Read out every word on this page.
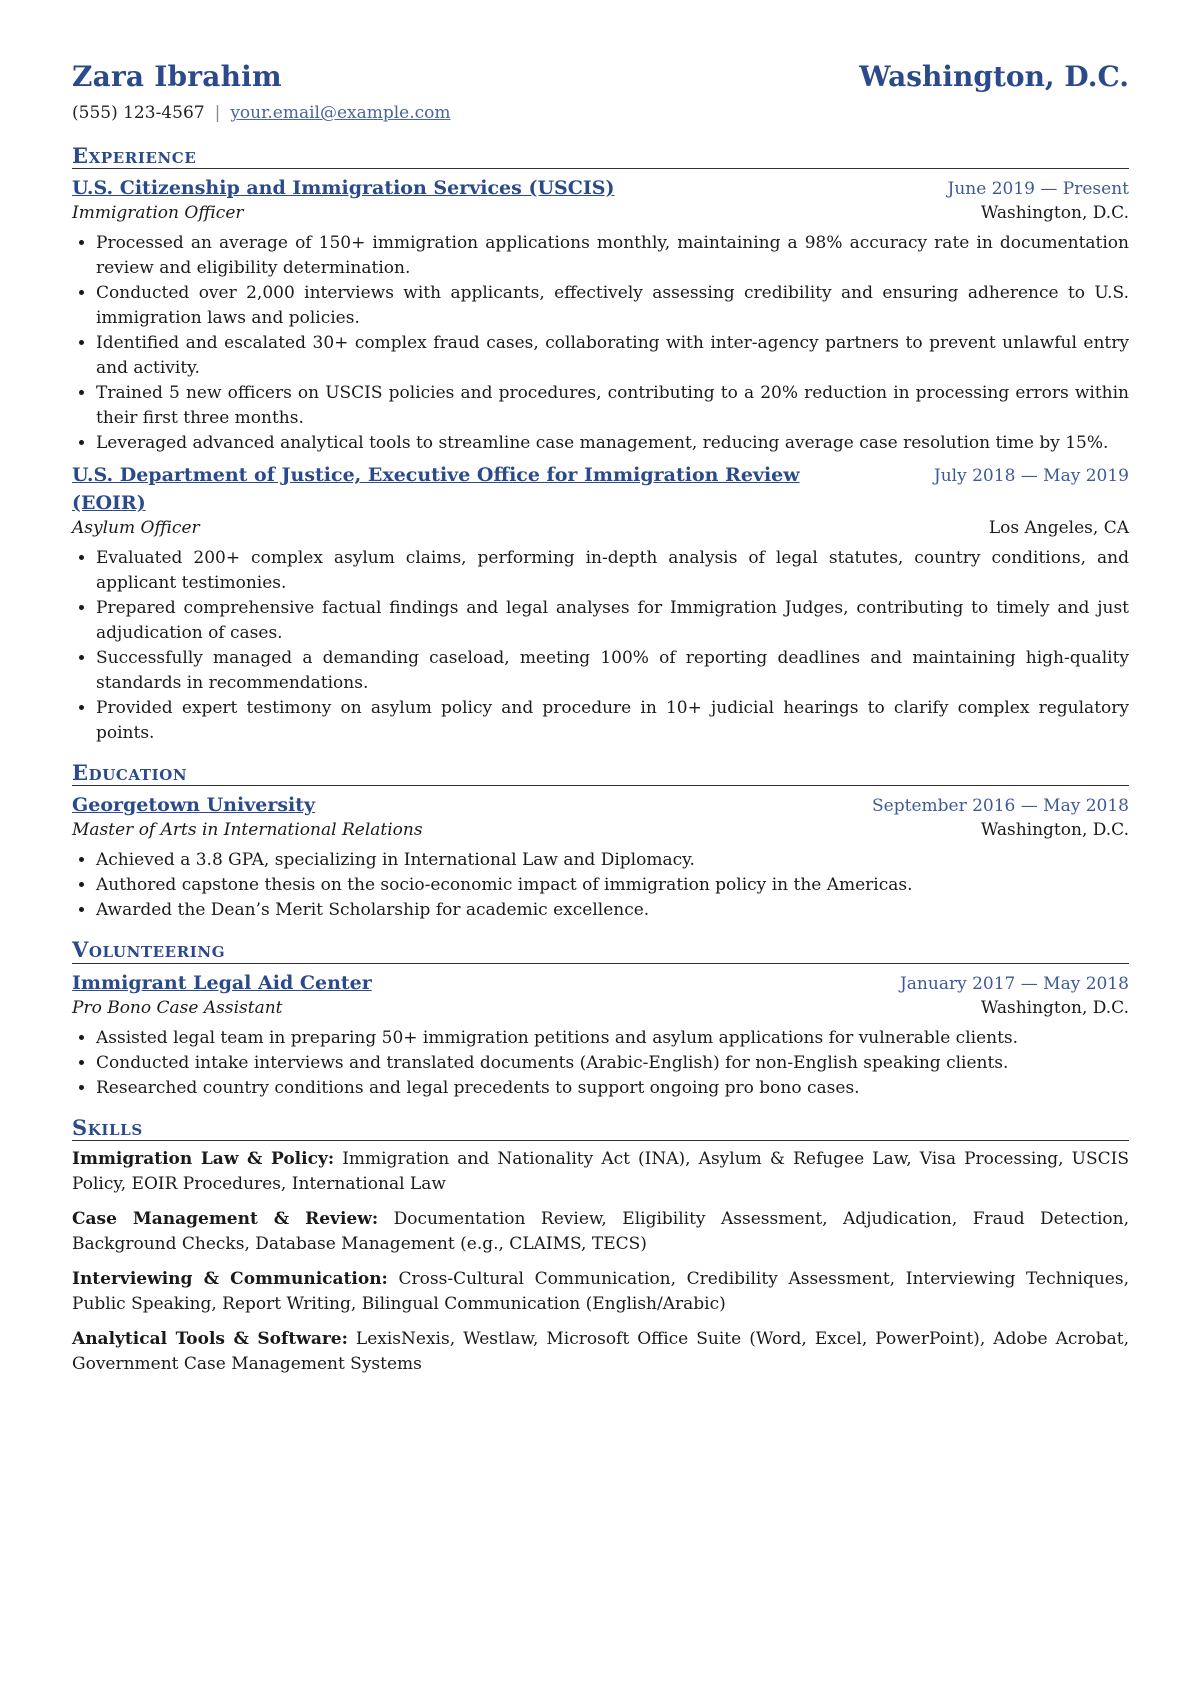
Zara Ibrahim	Washington, D.C.
(555) 123-4567 | your.email@example.com
Experience
U.S. Citizenship and Immigration Services (USCIS)	June 2019 — Present
Immigration Officer	Washington, D.C.
• Processed an average of 150+ immigration applications monthly, maintaining a 98% accuracy rate in documentation review and eligibility determination.
• Conducted over 2,000 interviews with applicants, effectively assessing credibility and ensuring adherence to U.S. immigration laws and policies.
• Identified and escalated 30+ complex fraud cases, collaborating with inter-agency partners to prevent unlawful entry and activity.
• Trained 5 new officers on USCIS policies and procedures, contributing to a 20% reduction in processing errors within their first three months.
• Leveraged advanced analytical tools to streamline case management, reducing average case resolution time by 15%.
U.S. Department of Justice, Executive Office for Immigration Review (EOIR)
July 2018 — May 2019
Asylum Officer	Los Angeles, CA
• Evaluated 200+ complex asylum claims, performing in-depth analysis of legal statutes, country conditions, and applicant testimonies.
• Prepared comprehensive factual findings and legal analyses for Immigration Judges, contributing to timely and just adjudication of cases.
• Successfully managed a demanding caseload, meeting 100% of reporting deadlines and maintaining high-quality standards in recommendations.
• Provided expert testimony on asylum policy and procedure in 10+ judicial hearings to clarify complex regulatory points.
Education
Georgetown University	September 2016 — May 2018
Master of Arts in International Relations	Washington, D.C.
• Achieved a 3.8 GPA, specializing in International Law and Diplomacy.
• Authored capstone thesis on the socio-economic impact of immigration policy in the Americas.
• Awarded the Dean’s Merit Scholarship for academic excellence.
Volunteering
Immigrant Legal Aid Center	January 2017 — May 2018
Pro Bono Case Assistant	Washington, D.C.
• Assisted legal team in preparing 50+ immigration petitions and asylum applications for vulnerable clients.
• Conducted intake interviews and translated documents (Arabic-English) for non-English speaking clients.
• Researched country conditions and legal precedents to support ongoing pro bono cases.
Skills
Immigration Law & Policy: Immigration and Nationality Act (INA), Asylum & Refugee Law, Visa Processing, USCIS Policy, EOIR Procedures, International Law
Case Management & Review: Documentation Review, Eligibility Assessment, Adjudication, Fraud Detection, Background Checks, Database Management (e.g., CLAIMS, TECS)
Interviewing & Communication: Cross-Cultural Communication, Credibility Assessment, Interviewing Techniques, Public Speaking, Report Writing, Bilingual Communication (English/Arabic)
Analytical Tools & Software: LexisNexis, Westlaw, Microsoft Office Suite (Word, Excel, PowerPoint), Adobe Acrobat, Government Case Management Systems
